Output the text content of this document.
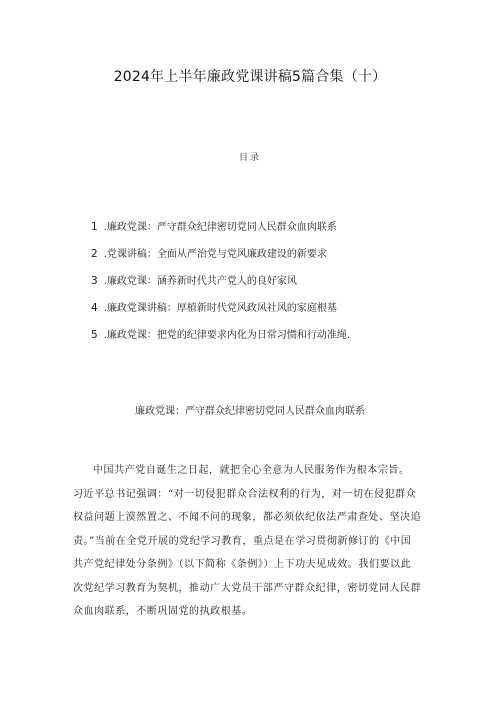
2024年上半年廉政党课讲稿5篇合集（十）
目录
1 .廉政党课：严守群众纪律密切党同人民群众血肉联系
2 .党课讲稿：全面从严治党与党风廉政建设的新要求
3 .廉政党课：涵养新时代共产党人的良好家风
4 .廉政党课讲稿：厚植新时代党风政风社风的家庭根基
5 .廉政党课：把党的纪律要求内化为日常习惯和行动准绳.
廉政党课：严守群众纪律密切党同人民群众血肉联系
中国共产党自诞生之日起，就把全心全意为人民服务作为根本宗旨。
习近平总书记强调：“对一切侵犯群众合法权利的行为，对一切在侵犯群众
权益问题上漠然置之、不闻不问的现象，都必须依纪依法严肃查处、坚决追
责。”当前在全党开展的党纪学习教育，重点是在学习贯彻新修订的《中国
共产党纪律处分条例》（以下简称《条例》）上下功夫见成效。我们要以此
次党纪学习教育为契机，推动广大党员干部严守群众纪律，密切党同人民群
众血肉联系，不断巩固党的执政根基。
